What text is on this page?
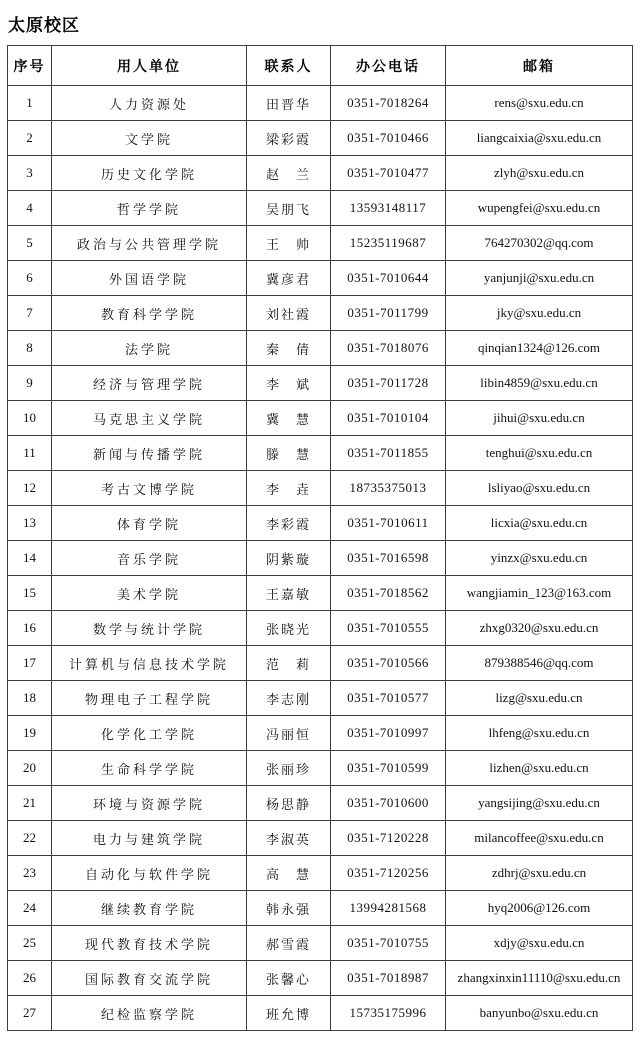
太原校区
序号	用人单位	联系人	办公电话	邮箱
1	人力资源处	田晋华	0351-7018264	rens@sxu.edu.cn
2	文学院	梁彩霞	0351-7010466	liangcaixia@sxu.edu.cn
3	历史文化学院	赵　兰	0351-7010477	zlyh@sxu.edu.cn
4	哲学学院	吴朋飞	13593148117	wupengfei@sxu.edu.cn
5	政治与公共管理学院	王　帅	15235119687	764270302@qq.com
6	外国语学院	冀彦君	0351-7010644	yanjunji@sxu.edu.cn
7	教育科学学院	刘社霞	0351-7011799	jky@sxu.edu.cn
8	法学院	秦　倩	0351-7018076	qinqian1324@126.com
9	经济与管理学院	李　斌	0351-7011728	libin4859@sxu.edu.cn
10	马克思主义学院	冀　慧	0351-7010104	jihui@sxu.edu.cn
11	新闻与传播学院	滕　慧	0351-7011855	tenghui@sxu.edu.cn
12	考古文博学院	李　垚	18735375013	lsliyao@sxu.edu.cn
13	体育学院	李彩霞	0351-7010611	licxia@sxu.edu.cn
14	音乐学院	阴紫璇	0351-7016598	yinzx@sxu.edu.cn
15	美术学院	王嘉敏	0351-7018562	wangjiamin_123@163.com
16	数学与统计学院	张晓光	0351-7010555	zhxg0320@sxu.edu.cn
17	计算机与信息技术学院	范　莉	0351-7010566	879388546@qq.com
18	物理电子工程学院	李志刚	0351-7010577	lizg@sxu.edu.cn
19	化学化工学院	冯丽恒	0351-7010997	lhfeng@sxu.edu.cn
20	生命科学学院	张丽珍	0351-7010599	lizhen@sxu.edu.cn
21	环境与资源学院	杨思静	0351-7010600	yangsijing@sxu.edu.cn
22	电力与建筑学院	李淑英	0351-7120228	milancoffee@sxu.edu.cn
23	自动化与软件学院	高　慧	0351-7120256	zdhrj@sxu.edu.cn
24	继续教育学院	韩永强	13994281568	hyq2006@126.com
25	现代教育技术学院	郝雪霞	0351-7010755	xdjy@sxu.edu.cn
26	国际教育交流学院	张馨心	0351-7018987	zhangxinxin11110@sxu.edu.cn
27	纪检监察学院	班允博	15735175996	banyunbo@sxu.edu.cn
